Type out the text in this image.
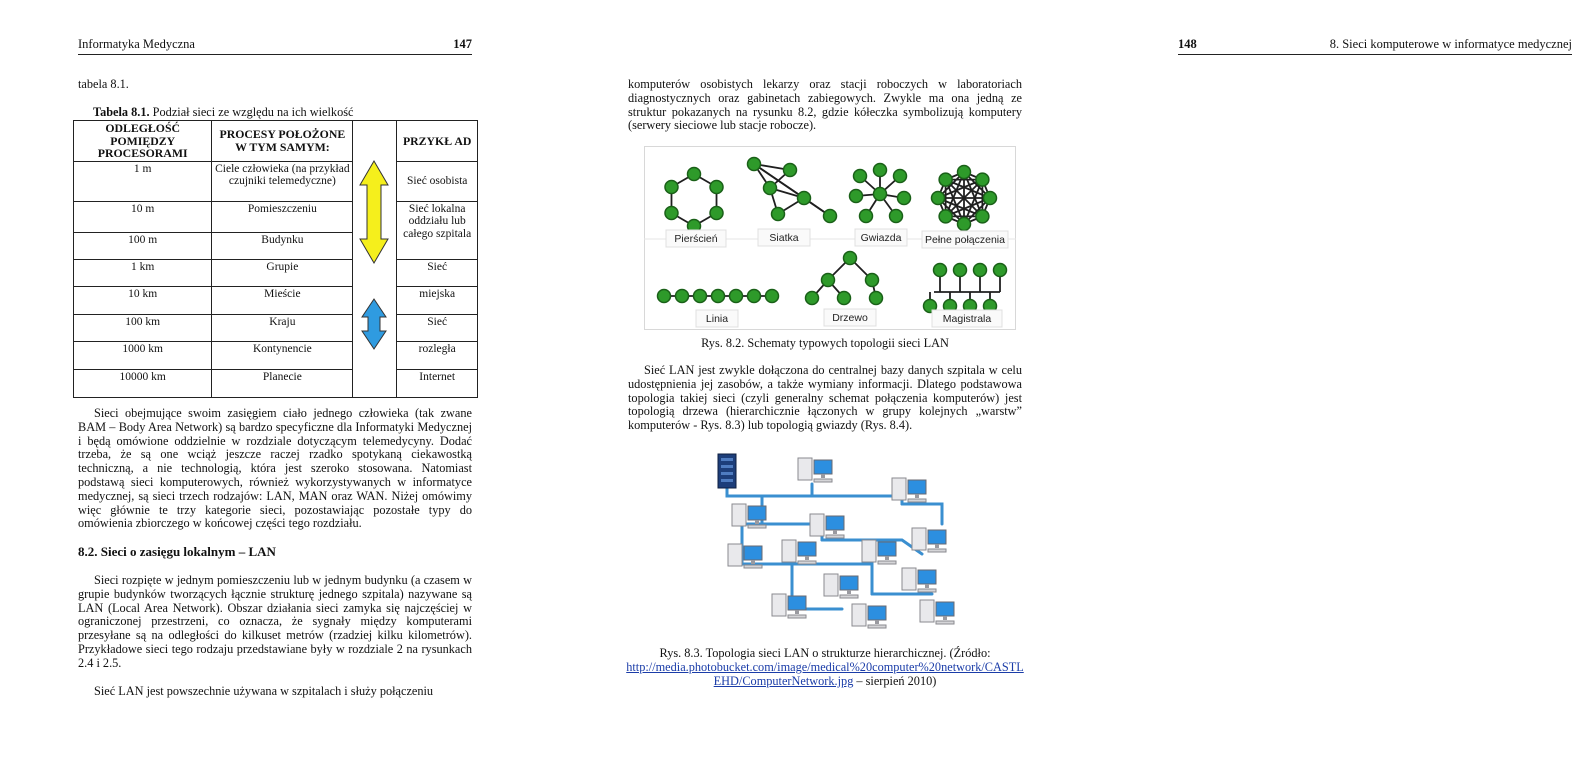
Informatyka Medyczna	147
tabela 8.1.
Tabela 8.1. Podział sieci ze względu na ich wielkość
ODLEGŁOŚĆ POMIĘDZY PROCESORAMI	PROCESY POŁOŻONE W TYM SAMYM:		PRZYKŁ AD
1 m	Ciele człowieka (na przykład czujniki telemedyczne)		Sieć osobista
10 m	Pomieszczeniu		Sieć lokalna oddziału lub całego szpitala
100 m	Budynku		
1 km	Grupie		Sieć
10 km	Mieście		miejska
100 km	Kraju		Sieć
1000 km	Kontynencie		rozległa
10000 km	Planecie		Internet

Sieci obejmujące swoim zasięgiem ciało jednego człowieka (tak zwane BAM – Body Area Network) są bardzo specyficzne dla Informatyki Medycznej i będą omówione oddzielnie w rozdziale dotyczącym telemedycyny. Dodać trzeba, że są one wciąż jeszcze raczej rzadko spotykaną ciekawostką techniczną, a nie technologią, która jest szeroko stosowana. Natomiast podstawą sieci komputerowych, również wykorzystywanych w informatyce medycznej, są sieci trzech rodzajów: LAN, MAN oraz WAN. Niżej omówimy więc głównie te trzy kategorie sieci, pozostawiając pozostałe typy do omówienia zbiorczego w końcowej części tego rozdziału.

8.2. Sieci o zasięgu lokalnym – LAN

Sieci rozpięte w jednym pomieszczeniu lub w jednym budynku (a czasem w grupie budynków tworzących łącznie strukturę jednego szpitala) nazywane są LAN (Local Area Network). Obszar działania sieci zamyka się najczęściej w ograniczonej przestrzeni, co oznacza, że sygnały między komputerami przesyłane są na odległości do kilkuset metrów (rzadziej kilku kilometrów). Przykładowe sieci tego rodzaju przedstawiane były w rozdziale 2 na rysunkach 2.4 i 2.5.

Sieć LAN jest powszechnie używana w szpitalach i służy połączeniu

148	8. Sieci komputerowe w informatyce medycznej

komputerów osobistych lekarzy oraz stacji roboczych w laboratoriach diagnostycznych oraz gabinetach zabiegowych. Zwykle ma ona jedną ze struktur pokazanych na rysunku 8.2, gdzie kółeczka symbolizują komputery (serwery sieciowe lub stacje robocze).

Pierścień	Siatka	Gwiazda Pełne połączenia
Linia	Drzewo	Magistrala
Rys. 8.2. Schematy typowych topologii sieci LAN

Sieć LAN jest zwykle dołączona do centralnej bazy danych szpitala w celu udostępnienia jej zasobów, a także wymiany informacji. Dlatego podstawowa topologia takiej sieci (czyli generalny schemat połączenia komputerów) jest topologią drzewa (hierarchicznie łączonych w grupy kolejnych „warstw” komputerów - Rys. 8.3) lub topologią gwiazdy (Rys. 8.4).

Rys. 8.3. Topologia sieci LAN o strukturze hierarchicznej. (Źródło:
http://media.photobucket.com/image/medical%20computer%20network/CASTL
EHD/ComputerNetwork.jpg – sierpień 2010)
